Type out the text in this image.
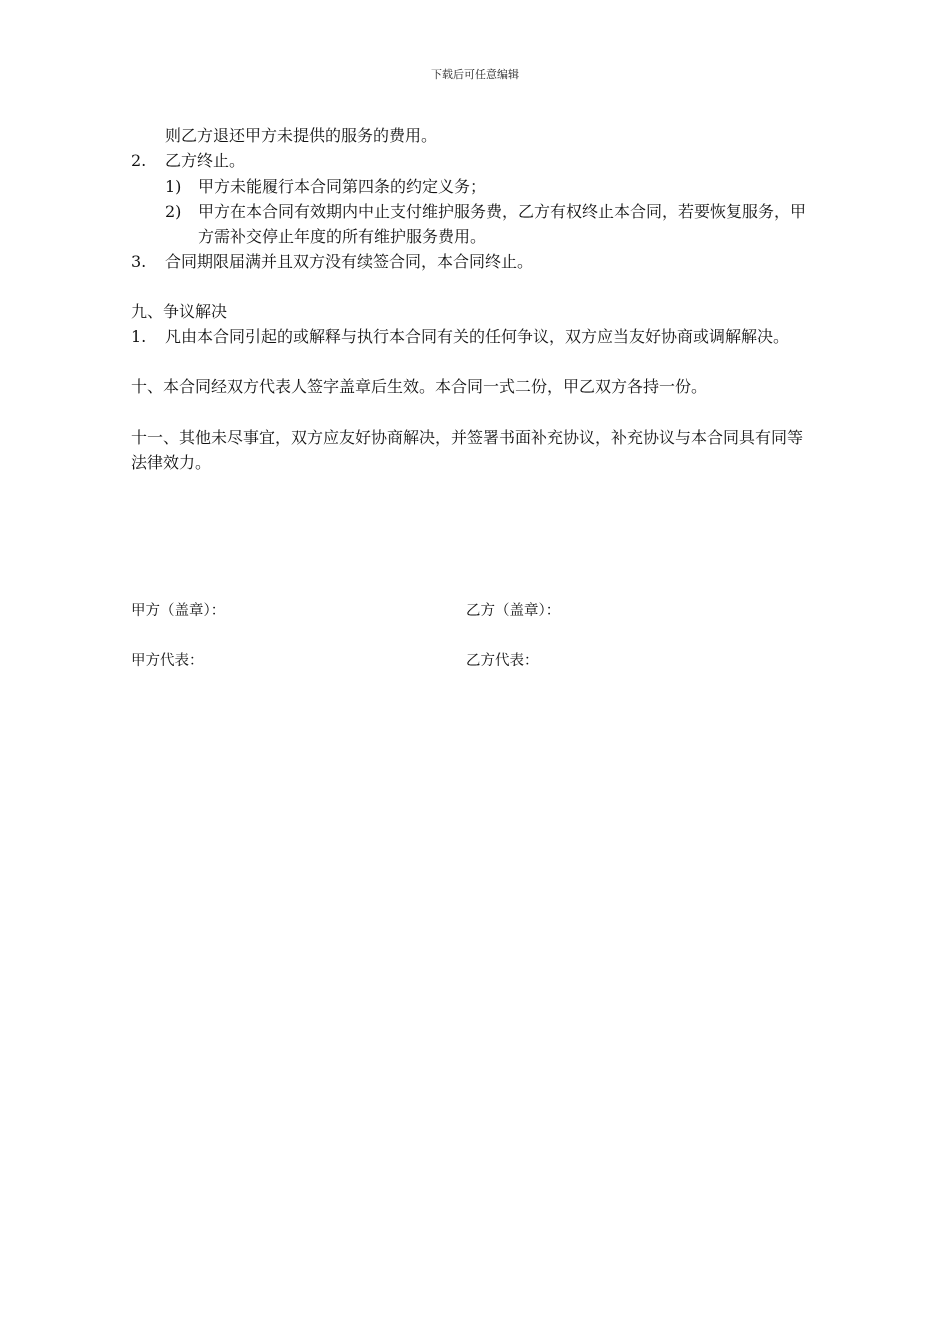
下载后可任意编辑
则乙方退还甲方未提供的服务的费用。
2. 乙方终止。
1) 甲方未能履行本合同第四条的约定义务；
2) 甲方在本合同有效期内中止支付维护服务费，乙方有权终止本合同，若要恢复服务，甲
方需补交停止年度的所有维护服务费用。
3. 合同期限届满并且双方没有续签合同，本合同终止。
九、争议解决
1. 凡由本合同引起的或解释与执行本合同有关的任何争议，双方应当友好协商或调解解决。
十、本合同经双方代表人签字盖章后生效。本合同一式二份，甲乙双方各持一份。
十一、其他未尽事宜，双方应友好协商解决，并签署书面补充协议，补充协议与本合同具有同等
法律效力。
甲方（盖章）：	乙方（盖章）：
甲方代表：	乙方代表：
